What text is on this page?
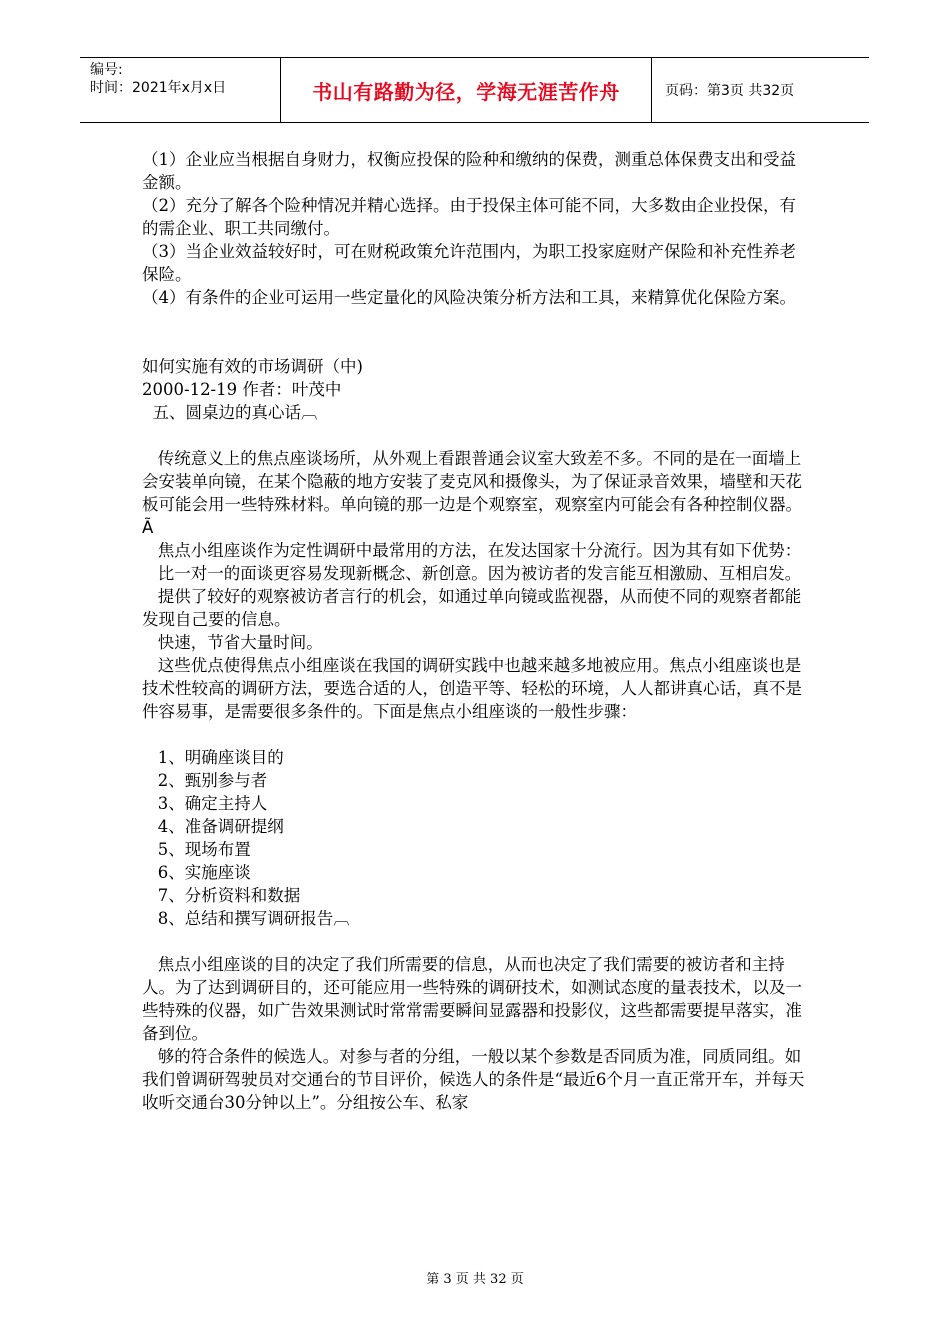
编号:
时间：2021年x月x日	书山有路勤为径，学海无涯苦作舟	页码：第3页 共32页

（1）企业应当根据自身财力，权衡应投保的险种和缴纳的保费，测重总体保费支出和受益金额。

（2）充分了解各个险种情况并精心选择。由于投保主体可能不同，大多数由企业投保，有的需企业、职工共同缴付。

（3）当企业效益较好时，可在财税政策允许范围内，为职工投家庭财产保险和补充性养老保险。

（4）有条件的企业可运用一些定量化的风险决策分析方法和工具，来精算优化保险方案。

如何实施有效的市场调研（中)

2000-12-19 作者：叶茂中

五、圆桌边的真心话︹

传统意义上的焦点座谈场所，从外观上看跟普通会议室大致差不多。不同的是在一面墙上会安装单向镜，在某个隐蔽的地方安装了麦克风和摄像头，为了保证录音效果，墙壁和天花板可能会用一些特殊材料。单向镜的那一边是个观察室，观察室内可能会有各种控制仪器。

Ã

焦点小组座谈作为定性调研中最常用的方法，在发达国家十分流行。因为其有如下优势：

比一对一的面谈更容易发现新概念、新创意。因为被访者的发言能互相激励、互相启发。

提供了较好的观察被访者言行的机会，如通过单向镜或监视器，从而使不同的观察者都能发现自己要的信息。

快速，节省大量时间。

这些优点使得焦点小组座谈在我国的调研实践中也越来越多地被应用。焦点小组座谈也是技术性较高的调研方法，要选合适的人，创造平等、轻松的环境，人人都讲真心话，真不是件容易事，是需要很多条件的。下面是焦点小组座谈的一般性步骤：

1、明确座谈目的

2、甄别参与者

3、确定主持人

4、准备调研提纲

5、现场布置

6、实施座谈

7、分析资料和数据

8、总结和撰写调研报告︹

焦点小组座谈的目的决定了我们所需要的信息，从而也决定了我们需要的被访者和主持人。为了达到调研目的，还可能应用一些特殊的调研技术，如测试态度的量表技术，以及一些特殊的仪器，如广告效果测试时常常需要瞬间显露器和投影仪，这些都需要提早落实，准备到位。

够的符合条件的候选人。对参与者的分组，一般以某个参数是否同质为准，同质同组。如我们曾调研驾驶员对交通台的节目评价，候选人的条件是“最近6个月一直正常开车，并每天收听交通台30分钟以上”。分组按公车、私家

第 3 页 共 32 页
